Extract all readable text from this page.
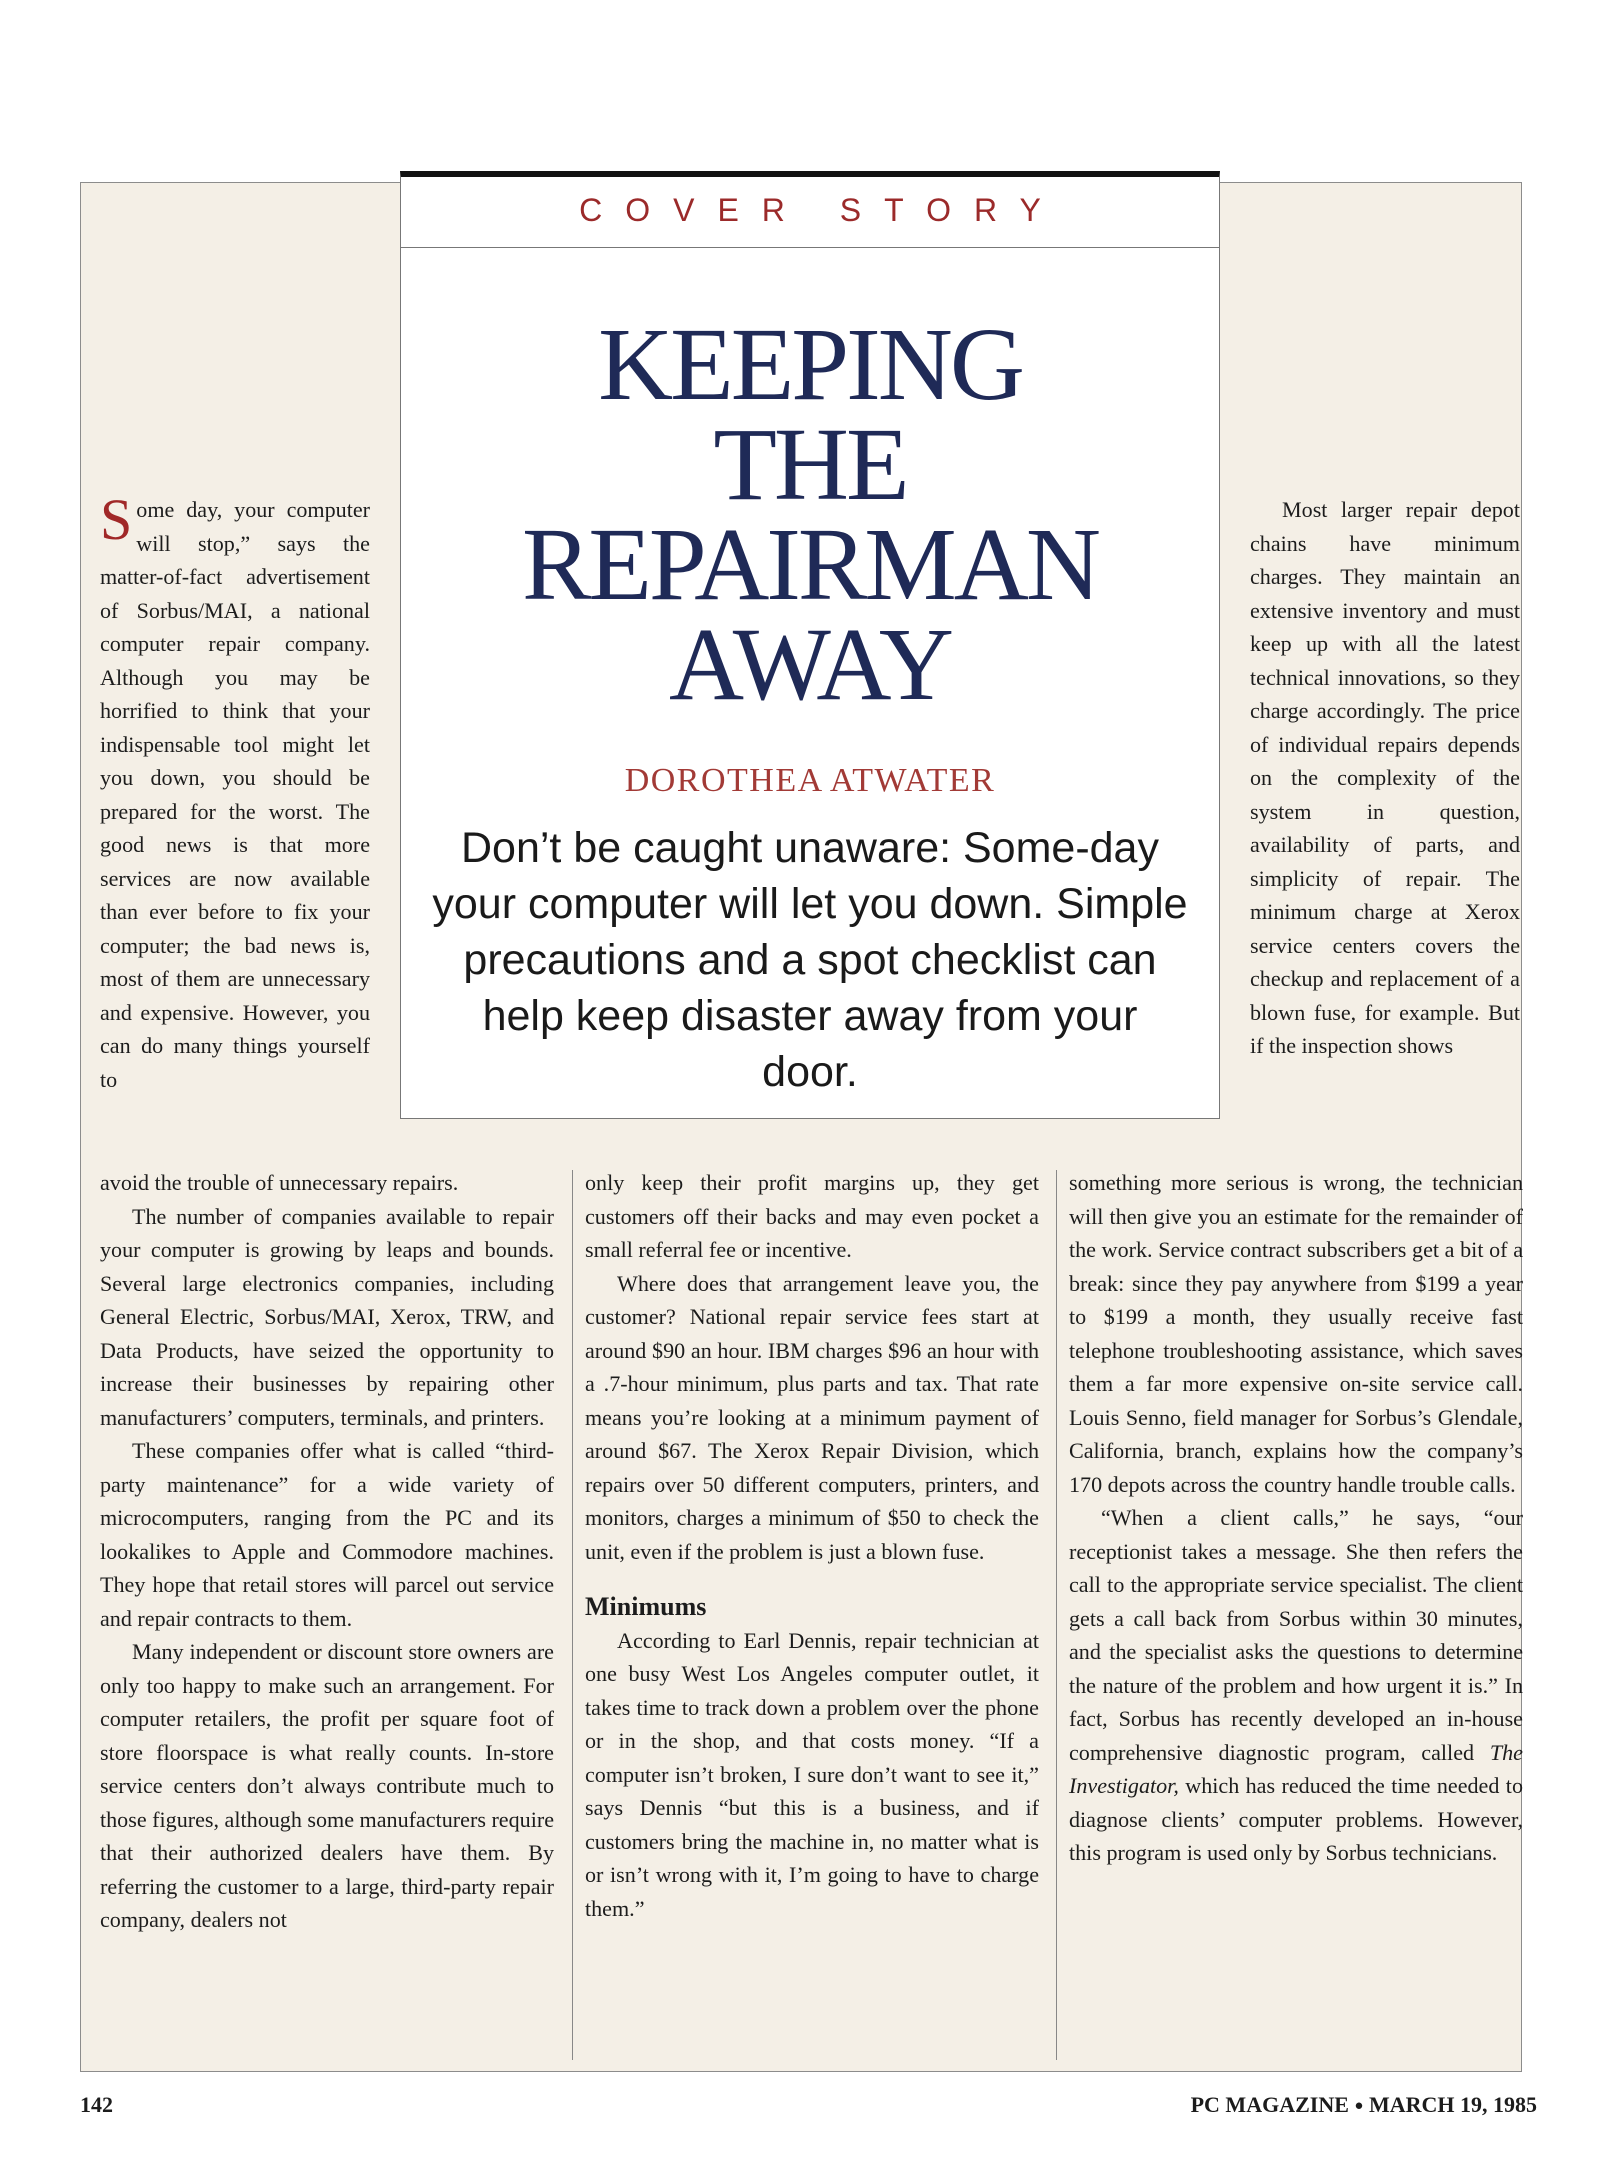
Some day, your computer will stop,” says the matter-of-fact advertisement of Sorbus/MAI, a national computer repair company. Although you may be horrified to think that your indispensable tool might let you down, you should be prepared for the worst. The good news is that more services are now available than ever before to fix your computer; the bad news is, most of them are unnecessary and expensive. However, you can do many things yourself to

avoid the trouble of unnecessary repairs.

The number of companies available to repair your computer is growing by leaps and bounds. Several large electronics companies, including General Electric, Sorbus/MAI, Xerox, TRW, and Data Products, have seized the opportunity to increase their businesses by repairing other manufacturers’ computers, terminals, and printers.

These companies offer what is called “third-party maintenance” for a wide variety of microcomputers, ranging from the PC and its lookalikes to Apple and Commodore machines. They hope that retail stores will parcel out service and repair contracts to them.

Many independent or discount store owners are only too happy to make such an arrangement. For computer retailers, the profit per square foot of store floorspace is what really counts. In-store service centers don’t always contribute much to those figures, although some manufacturers require that their authorized dealers have them. By referring the customer to a large, third-party repair company, dealers not

only keep their profit margins up, they get customers off their backs and may even pocket a small referral fee or incentive.

Where does that arrangement leave you, the customer? National repair service fees start at around $90 an hour. IBM charges $96 an hour with a .7-hour minimum, plus parts and tax. That rate means you’re looking at a minimum payment of around $67. The Xerox Repair Division, which repairs over 50 different computers, printers, and monitors, charges a minimum of $50 to check the unit, even if the problem is just a blown fuse.

Minimums

According to Earl Dennis, repair technician at one busy West Los Angeles computer outlet, it takes time to track down a problem over the phone or in the shop, and that costs money. “If a computer isn’t broken, I sure don’t want to see it,” says Dennis “but this is a business, and if customers bring the machine in, no matter what is or isn’t wrong with it, I’m going to have to charge them.”

Most larger repair depot chains have minimum charges. They maintain an extensive inventory and must keep up with all the latest technical innovations, so they charge accordingly. The price of individual repairs depends on the complexity of the system in question, availability of parts, and simplicity of repair. The minimum charge at Xerox service centers covers the checkup and replacement of a blown fuse, for example. But if the inspection shows

something more serious is wrong, the technician will then give you an estimate for the remainder of the work. Service contract subscribers get a bit of a break: since they pay anywhere from $199 a year to $199 a month, they usually receive fast telephone troubleshooting assistance, which saves them a far more expensive on-site service call. Louis Senno, field manager for Sorbus’s Glendale, California, branch, explains how the company’s 170 depots across the country handle trouble calls.

“When a client calls,” he says, “our receptionist takes a message. She then refers the call to the appropriate service specialist. The client gets a call back from Sorbus within 30 minutes, and the specialist asks the questions to determine the nature of the problem and how urgent it is.” In fact, Sorbus has recently developed an in-house comprehensive diagnostic program, called The Investigator, which has reduced the time needed to diagnose clients’ computer problems. However, this program is used only by Sorbus technicians.

COVER STORY
KEEPING
THE
REPAIRMAN
AWAY
DOROTHEA ATWATER
Don’t be caught unaware: Some-day your computer will let you down. Simple precautions and a spot checklist can help keep disaster away from your door.
142	PC MAGAZINE ● MARCH 19, 1985
